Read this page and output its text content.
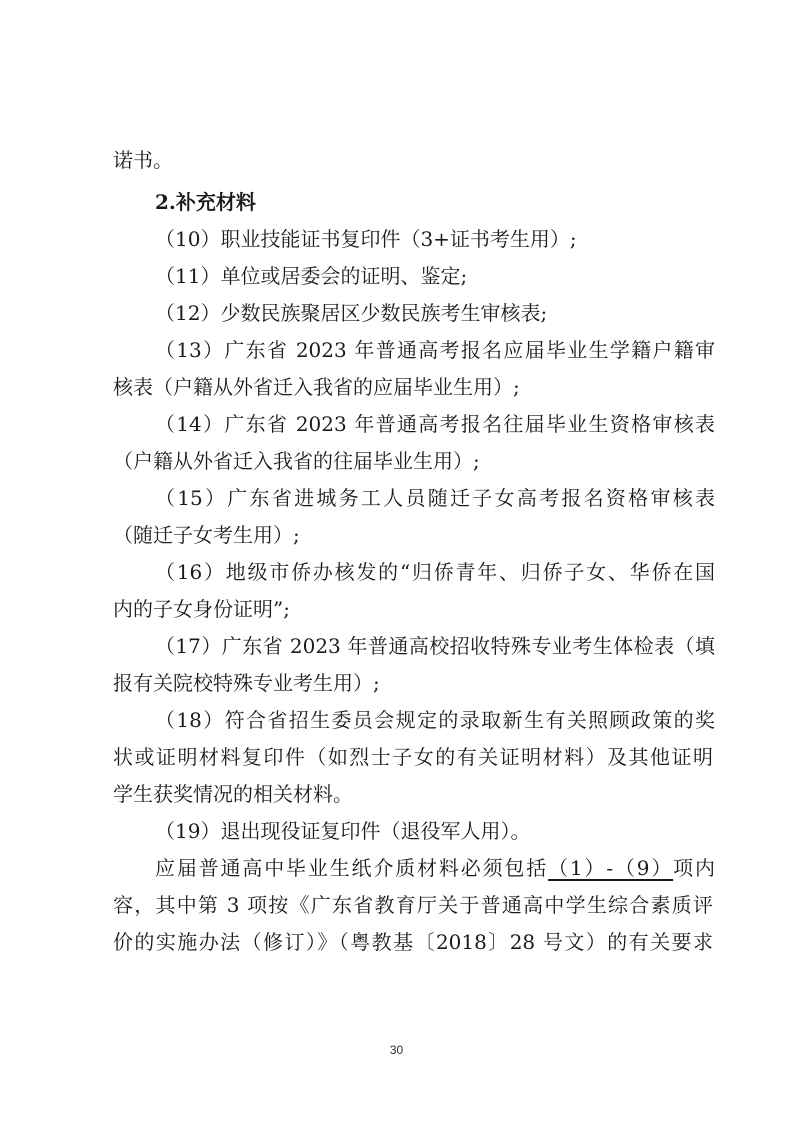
诺书。
2.补充材料
（10）职业技能证书复印件（3+证书考生用）;
（11）单位或居委会的证明、鉴定;
（12）少数民族聚居区少数民族考生审核表;
（13）广东省 2023 年普通高考报名应届毕业生学籍户籍审
核表（户籍从外省迁入我省的应届毕业生用）;
（14）广东省 2023 年普通高考报名往届毕业生资格审核表
（户籍从外省迁入我省的往届毕业生用）;
（15）广东省进城务工人员随迁子女高考报名资格审核表
（随迁子女考生用）;
（16）地级市侨办核发的“归侨青年、归侨子女、华侨在国
内的子女身份证明”;
（17）广东省 2023 年普通高校招收特殊专业考生体检表（填
报有关院校特殊专业考生用）;
（18）符合省招生委员会规定的录取新生有关照顾政策的奖
状或证明材料复印件（如烈士子女的有关证明材料）及其他证明
学生获奖情况的相关材料。
（19）退出现役证复印件（退役军人用）。
应届普通高中毕业生纸介质材料必须包括（1）-（9）项内
容，其中第 3 项按《广东省教育厅关于普通高中学生综合素质评
价的实施办法（修订）》（粤教基〔2018〕28 号文）的有关要求
30
